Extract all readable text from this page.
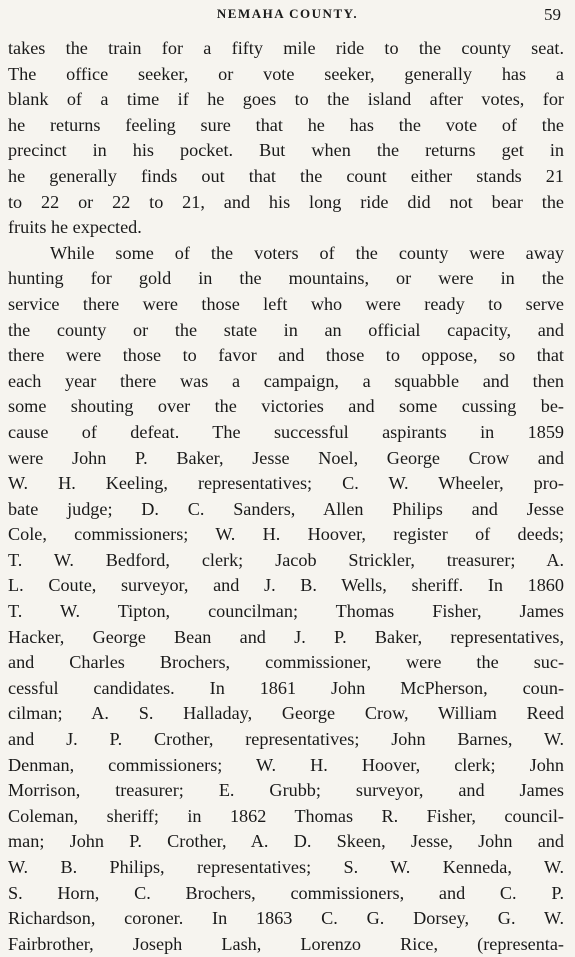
NEMAHA COUNTY.	59
takes the train for a fifty mile ride to the county seat.
The office seeker, or vote seeker, generally has a
blank of a time if he goes to the island after votes, for
he returns feeling sure that he has the vote of the
precinct in his pocket. But when the returns get in
he generally finds out that the count either stands 21
to 22 or 22 to 21, and his long ride did not bear the
fruits he expected.
While some of the voters of the county were away
hunting for gold in the mountains, or were in the
service there were those left who were ready to serve
the county or the state in an official capacity, and
there were those to favor and those to oppose, so that
each year there was a campaign, a squabble and then
some shouting over the victories and some cussing be-
cause of defeat. The successful aspirants in 1859
were John P. Baker, Jesse Noel, George Crow and
W. H. Keeling, representatives; C. W. Wheeler, pro-
bate judge; D. C. Sanders, Allen Philips and Jesse
Cole, commissioners; W. H. Hoover, register of deeds;
T. W. Bedford, clerk; Jacob Strickler, treasurer; A.
L. Coute, surveyor, and J. B. Wells, sheriff. In 1860
T. W. Tipton, councilman; Thomas Fisher, James
Hacker, George Bean and J. P. Baker, representatives,
and Charles Brochers, commissioner, were the suc-
cessful candidates. In 1861 John McPherson, coun-
cilman; A. S. Halladay, George Crow, William Reed
and J. P. Crother, representatives; John Barnes, W.
Denman, commissioners; W. H. Hoover, clerk; John
Morrison, treasurer; E. Grubb; surveyor, and James
Coleman, sheriff; in 1862 Thomas R. Fisher, council-
man; John P. Crother, A. D. Skeen, Jesse, John and
W. B. Philips, representatives; S. W. Kenneda, W.
S. Horn, C. Brochers, commissioners, and C. P.
Richardson, coroner. In 1863 C. G. Dorsey, G. W.
Fairbrother, Joseph Lash, Lorenzo Rice, (representa-
